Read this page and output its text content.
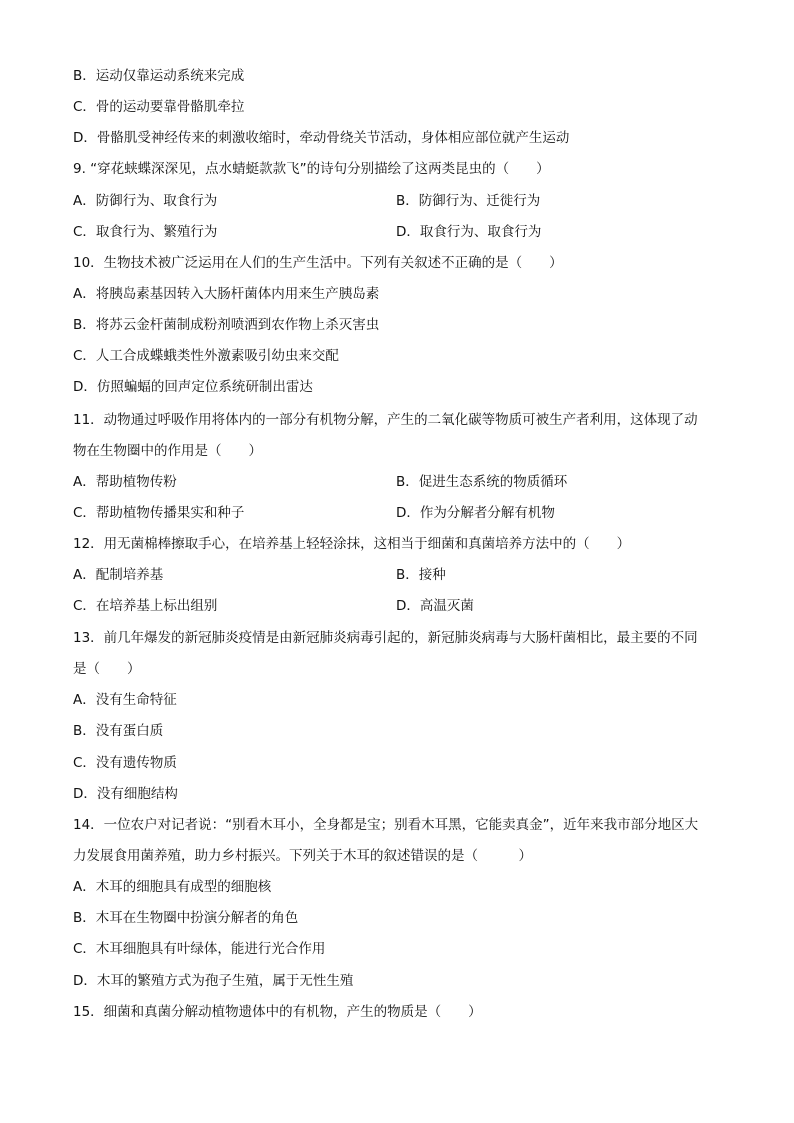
B．运动仅靠运动系统来完成
C．骨的运动要靠骨骼肌牵拉
D．骨骼肌受神经传来的刺激收缩时，牵动骨绕关节活动，身体相应部位就产生运动
9. “穿花蛱蝶深深见，点水蜻蜓款款飞”的诗句分别描绘了这两类昆虫的（　　）
A．防御行为、取食行为	B．防御行为、迁徙行为
C．取食行为、繁殖行为	D．取食行为、取食行为
10．生物技术被广泛运用在人们的生产生活中。下列有关叙述不正确的是（　　）
A．将胰岛素基因转入大肠杆菌体内用来生产胰岛素
B．将苏云金杆菌制成粉剂喷洒到农作物上杀灭害虫
C．人工合成蝶蛾类性外激素吸引幼虫来交配
D．仿照蝙蝠的回声定位系统研制出雷达
11．动物通过呼吸作用将体内的一部分有机物分解，产生的二氧化碳等物质可被生产者利用，这体现了动
物在生物圈中的作用是（　　）
A．帮助植物传粉	B．促进生态系统的物质循环
C．帮助植物传播果实和种子	D．作为分解者分解有机物
12．用无菌棉棒擦取手心，在培养基上轻轻涂抹，这相当于细菌和真菌培养方法中的（　　）
A．配制培养基	B．接种
C．在培养基上标出组别	D．高温灭菌
13．前几年爆发的新冠肺炎疫情是由新冠肺炎病毒引起的，新冠肺炎病毒与大肠杆菌相比，最主要的不同
是（　　）
A．没有生命特征
B．没有蛋白质
C．没有遗传物质
D．没有细胞结构
14．一位农户对记者说：“别看木耳小，全身都是宝；别看木耳黑，它能卖真金”，近年来我市部分地区大
力发展食用菌养殖，助力乡村振兴。下列关于木耳的叙述错误的是（　　　）
A．木耳的细胞具有成型的细胞核
B．木耳在生物圈中扮演分解者的角色
C．木耳细胞具有叶绿体，能进行光合作用
D．木耳的繁殖方式为孢子生殖，属于无性生殖
15．细菌和真菌分解动植物遗体中的有机物，产生的物质是（　　）
